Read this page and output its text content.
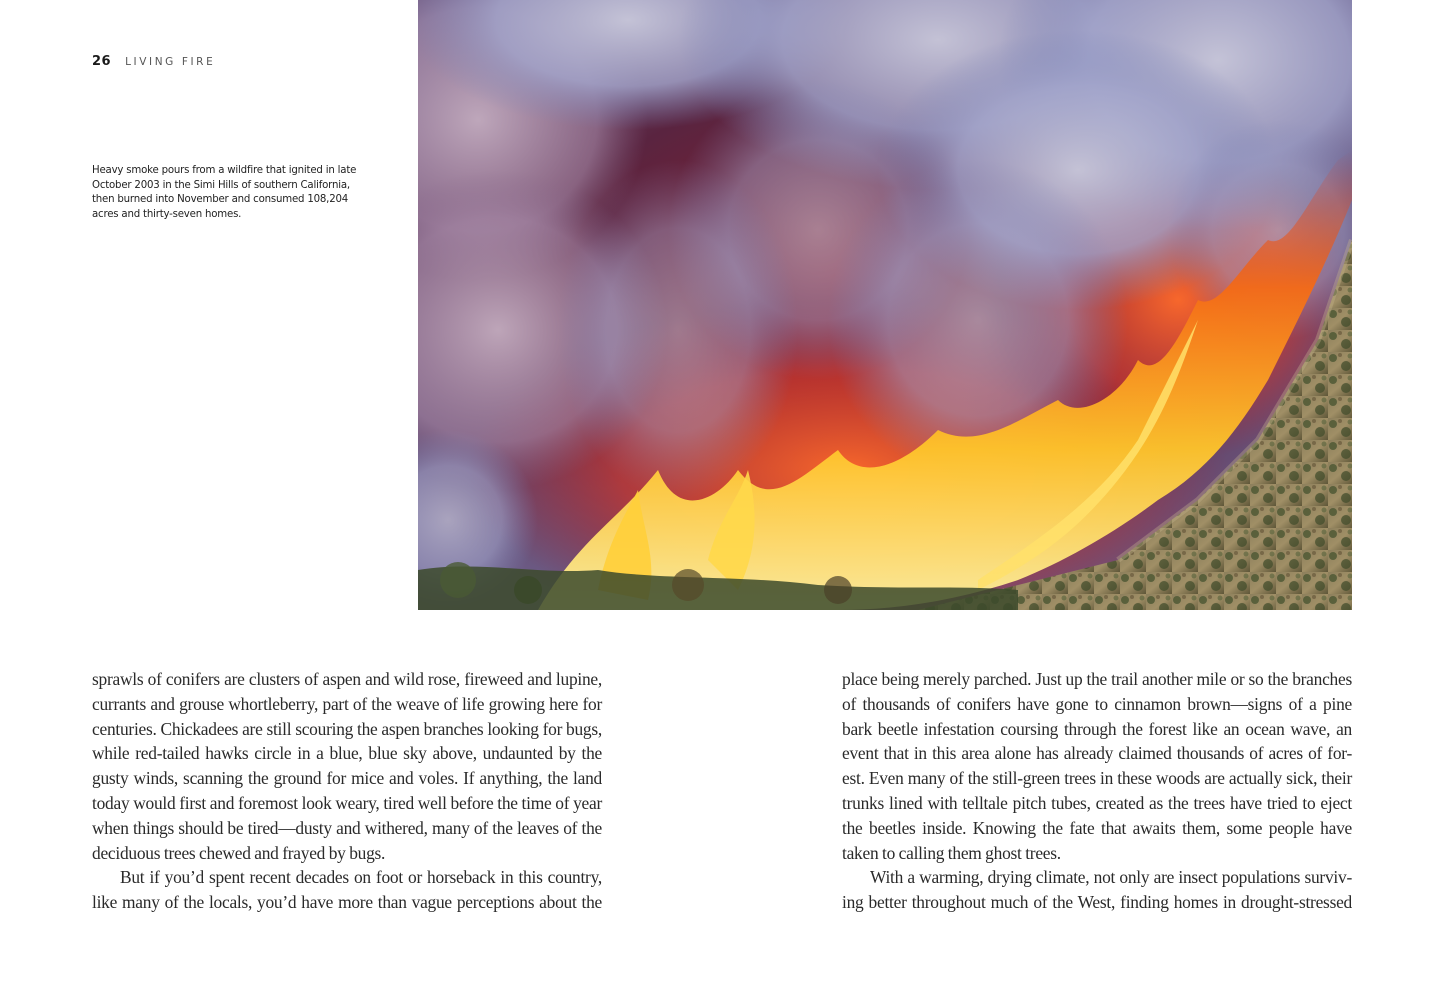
26 LIVING FIRE
Heavy smoke pours from a wildfire that ignited in late October 2003 in the Simi Hills of southern California, then burned into November and consumed 108,204 acres and thirty-seven homes.
sprawls of conifers are clusters of aspen and wild rose, fireweed and lupine,
currants and grouse whortleberry, part of the weave of life growing here for
centuries. Chickadees are still scouring the aspen branches looking for bugs,
while red-tailed hawks circle in a blue, blue sky above, undaunted by the
gusty winds, scanning the ground for mice and voles. If anything, the land
today would first and foremost look weary, tired well before the time of year
when things should be tired—dusty and withered, many of the leaves of the
deciduous trees chewed and frayed by bugs.
But if you’d spent recent decades on foot or horseback in this country,
like many of the locals, you’d have more than vague perceptions about the
place being merely parched. Just up the trail another mile or so the branches
of thousands of conifers have gone to cinnamon brown—signs of a pine
bark beetle infestation coursing through the forest like an ocean wave, an
event that in this area alone has already claimed thousands of acres of for-
est. Even many of the still-green trees in these woods are actually sick, their
trunks lined with telltale pitch tubes, created as the trees have tried to eject
the beetles inside. Knowing the fate that awaits them, some people have
taken to calling them ghost trees.
With a warming, drying climate, not only are insect populations surviv-
ing better throughout much of the West, finding homes in drought-stressed
